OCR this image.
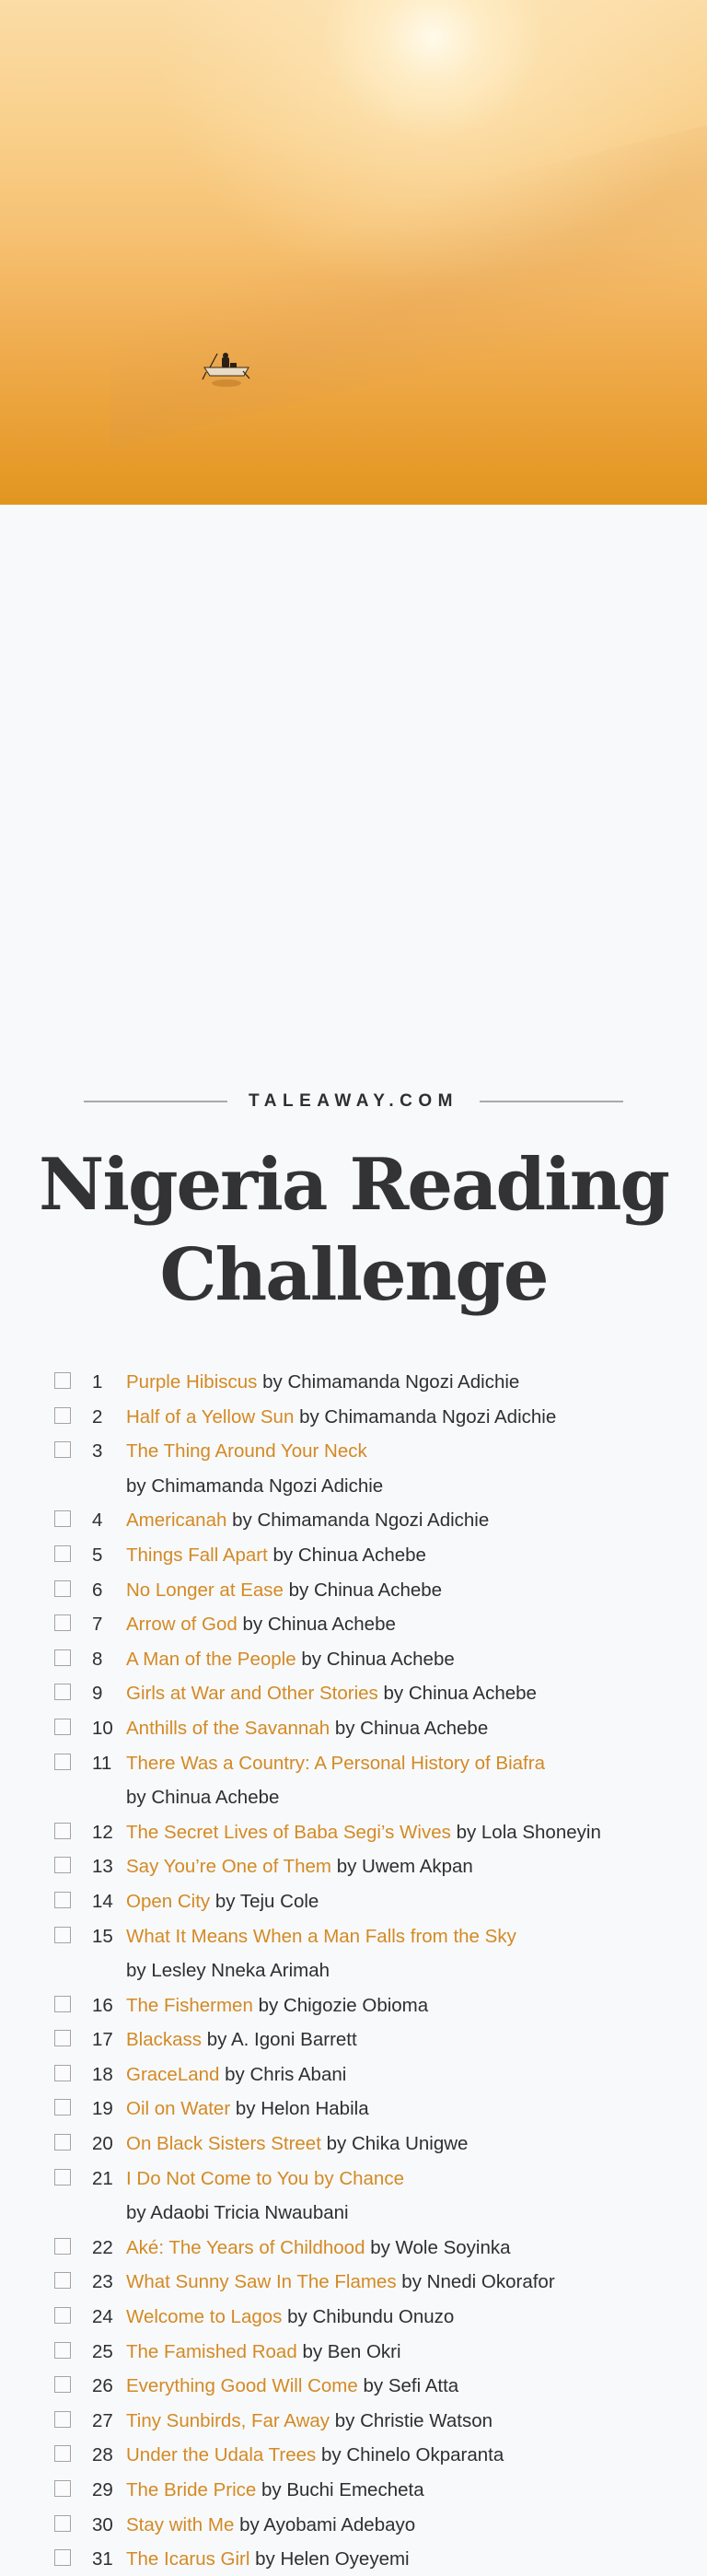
TALEAWAY.COM
Nigeria Reading
Challenge
1 Purple Hibiscus by Chimamanda Ngozi Adichie
2 Half of a Yellow Sun by Chimamanda Ngozi Adichie
3 The Thing Around Your Neck
by Chimamanda Ngozi Adichie
4 Americanah by Chimamanda Ngozi Adichie
5 Things Fall Apart by Chinua Achebe
6 No Longer at Ease by Chinua Achebe
7 Arrow of God by Chinua Achebe
8 A Man of the People by Chinua Achebe
9 Girls at War and Other Stories by Chinua Achebe
10 Anthills of the Savannah by Chinua Achebe
11 There Was a Country: A Personal History of Biafra
by Chinua Achebe
12 The Secret Lives of Baba Segi’s Wives by Lola Shoneyin
13 Say You’re One of Them by Uwem Akpan
14 Open City by Teju Cole
15 What It Means When a Man Falls from the Sky
by Lesley Nneka Arimah
16 The Fishermen by Chigozie Obioma
17 Blackass by A. Igoni Barrett
18 GraceLand by Chris Abani
19 Oil on Water by Helon Habila
20 On Black Sisters Street by Chika Unigwe
21 I Do Not Come to You by Chance
by Adaobi Tricia Nwaubani
22 Aké: The Years of Childhood by Wole Soyinka
23 What Sunny Saw In The Flames by Nnedi Okorafor
24 Welcome to Lagos by Chibundu Onuzo
25 The Famished Road by Ben Okri
26 Everything Good Will Come by Sefi Atta
27 Tiny Sunbirds, Far Away by Christie Watson
28 Under the Udala Trees by Chinelo Okparanta
29 The Bride Price by Buchi Emecheta
30 Stay with Me by Ayobami Adebayo
31 The Icarus Girl by Helen Oyeyemi
